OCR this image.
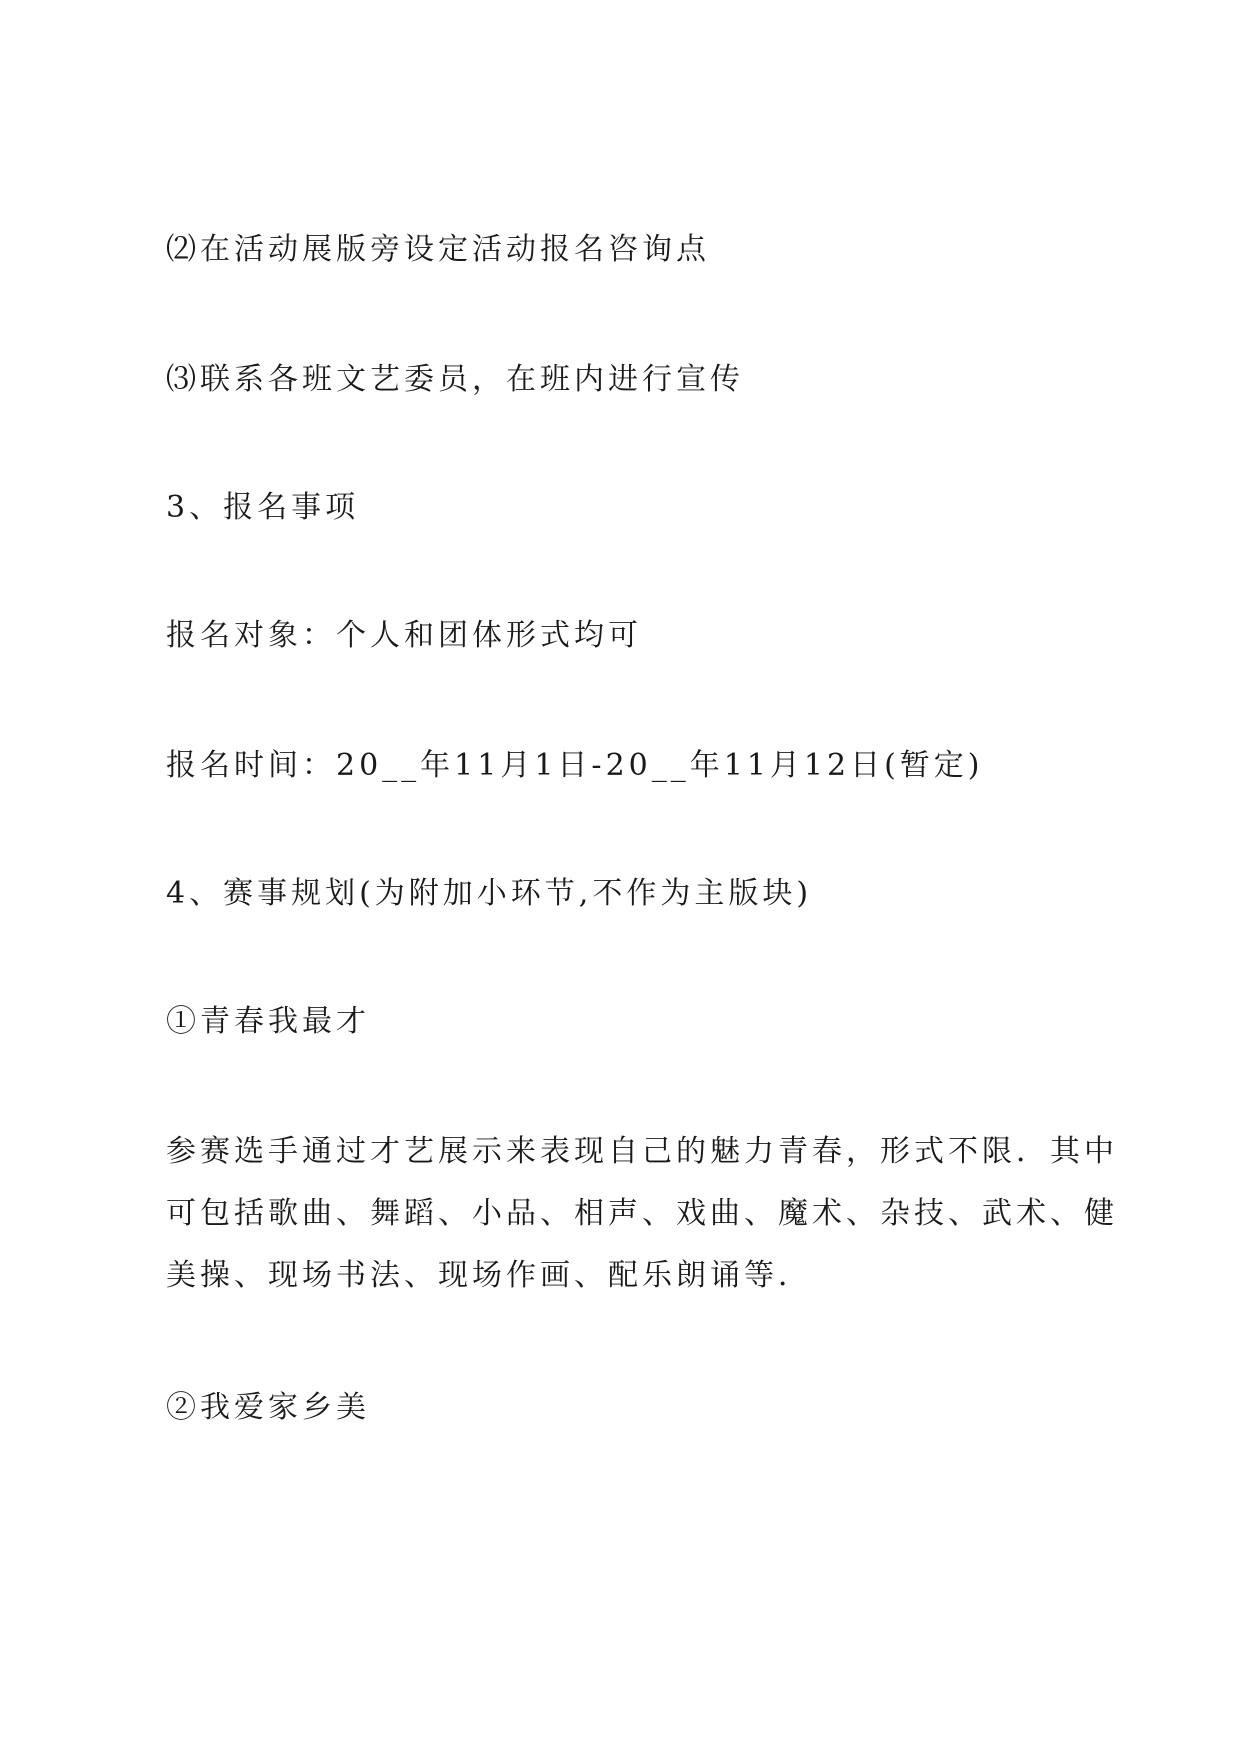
⑵在活动展版旁设定活动报名咨询点

⑶联系各班文艺委员，在班内进行宣传

3、报名事项

报名对象：个人和团体形式均可

报名时间：20__年11月1日-20__年11月12日(暂定)

4、赛事规划(为附加小环节,不作为主版块)

①青春我最才

参赛选手通过才艺展示来表现自己的魅力青春，形式不限．其中
可包括歌曲、舞蹈、小品、相声、戏曲、魔术、杂技、武术、健
美操、现场书法、现场作画、配乐朗诵等．

②我爱家乡美
